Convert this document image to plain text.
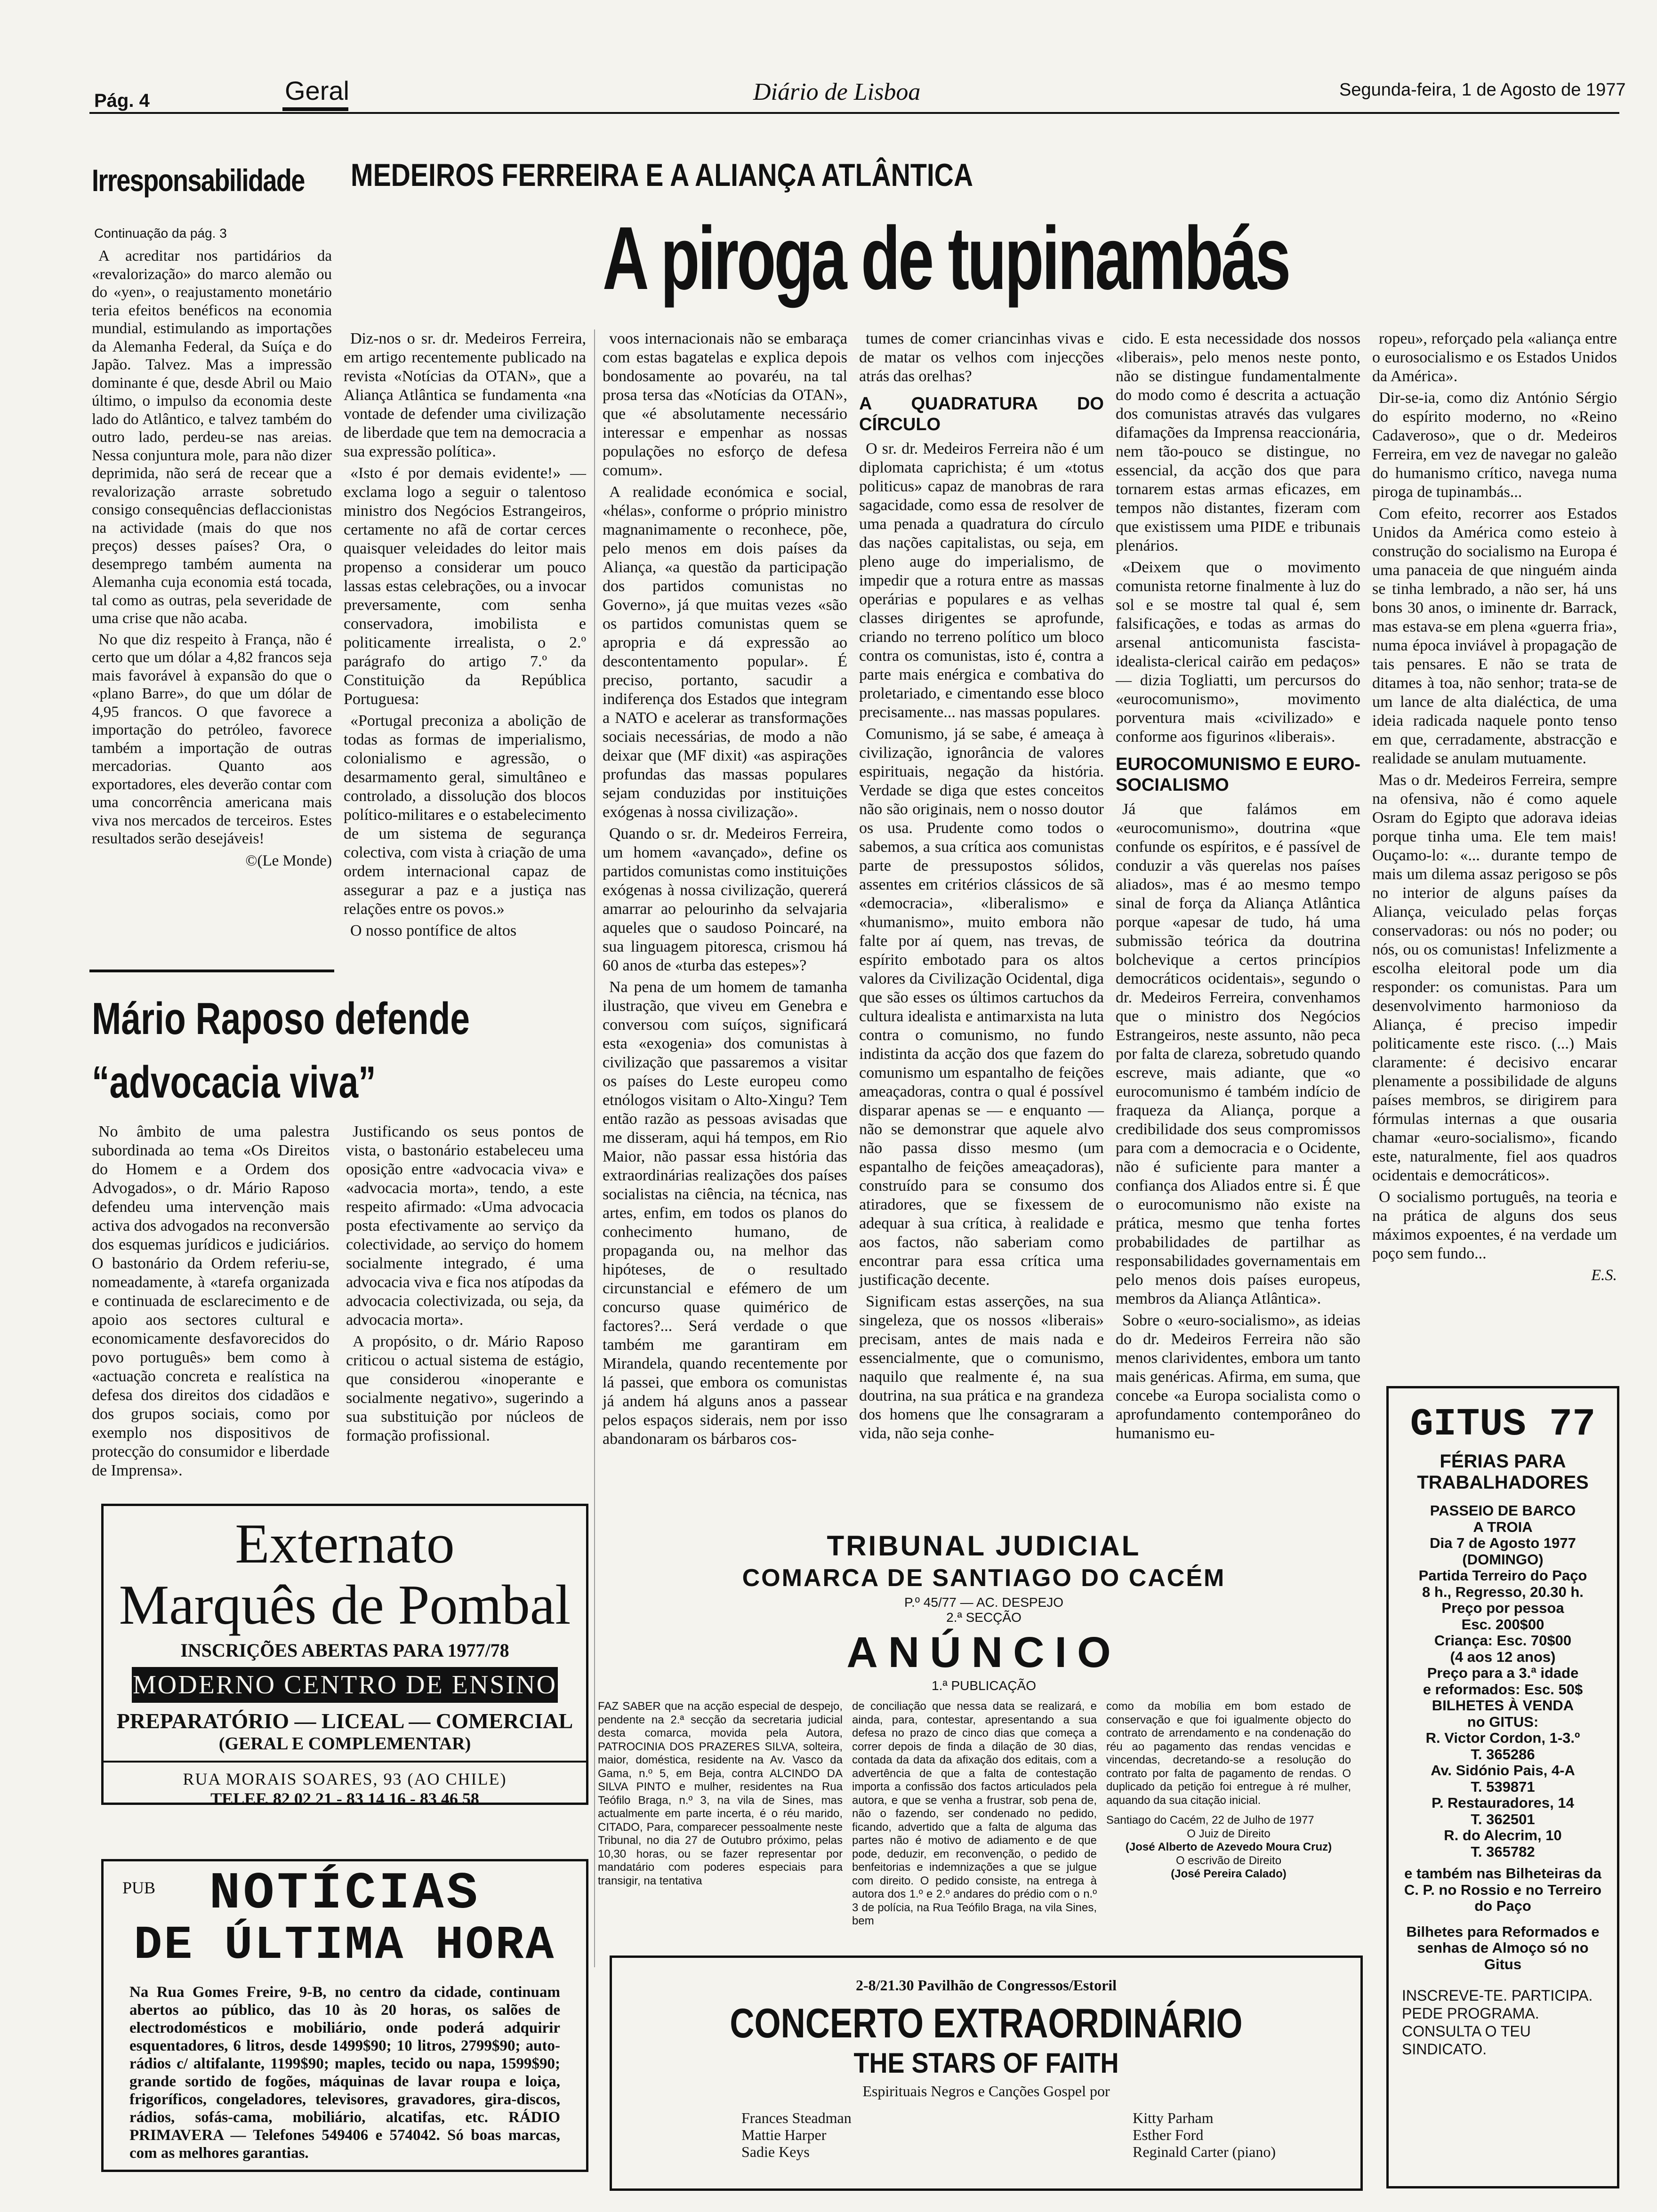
Pág. 4	Geral	Diário de Lisboa	Segunda-feira, 1 de Agosto de 1977
Irresponsabilidade
Continuação da pág. 3

A acreditar nos partidários da «revalorização» do marco alemão ou do «yen», o reajustamento monetário teria efeitos benéficos na economia mundial, estimulando as importações da Alemanha Federal, da Suíça e do Japão. Talvez. Mas a impressão dominante é que, desde Abril ou Maio último, o impulso da economia deste lado do Atlântico, e talvez também do outro lado, perdeu-se nas areias. Nessa conjuntura mole, para não dizer deprimida, não será de recear que a revalorização arraste sobretudo consigo consequências deflaccionistas na actividade (mais do que nos preços) desses países? Ora, o desemprego também aumenta na Alemanha cuja economia está tocada, tal como as outras, pela severidade de uma crise que não acaba.

No que diz respeito à França, não é certo que um dólar a 4,82 francos seja mais favorável à expansão do que o «plano Barre», do que um dólar de 4,95 francos. O que favorece a importação do petróleo, favorece também a importação de outras mercadorias. Quanto aos exportadores, eles deverão contar com uma concorrência americana mais viva nos mercados de terceiros. Estes resultados serão desejáveis!

©(Le Monde)
MEDEIROS FERREIRA E A ALIANÇA ATLÂNTICA
A piroga de tupinambás

Diz-nos o sr. dr. Medeiros Ferreira, em artigo recentemente publicado na revista «Notícias da OTAN», que a Aliança Atlântica se fundamenta «na vontade de defender uma civilização de liberdade que tem na democracia a sua expressão política».

«Isto é por demais evidente!» — exclama logo a seguir o talentoso ministro dos Negócios Estrangeiros, certamente no afã de cortar cerces quaisquer veleidades do leitor mais propenso a considerar um pouco lassas estas celebrações, ou a invocar preversamente, com senha conservadora, imobilista e politicamente irrealista, o 2.º parágrafo do artigo 7.º da Constituição da República Portuguesa:

«Portugal preconiza a abolição de todas as formas de imperialismo, colonialismo e agressão, o desarmamento geral, simultâneo e controlado, a dissolução dos blocos político-militares e o estabelecimento de um sistema de segurança colectiva, com vista à criação de uma ordem internacional capaz de assegurar a paz e a justiça nas relações entre os povos.»

O nosso pontífice de altos

voos internacionais não se embaraça com estas bagatelas e explica depois bondosamente ao povaréu, na tal prosa tersa das «Notícias da OTAN», que «é absolutamente necessário interessar e empenhar as nossas populações no esforço de defesa comum».

A realidade económica e social, «hélas», conforme o próprio ministro magnanimamente o reconhece, põe, pelo menos em dois países da Aliança, «a questão da participação dos partidos comunistas no Governo», já que muitas vezes «são os partidos comunistas quem se apropria e dá expressão ao descontentamento popular». É preciso, portanto, sacudir a indiferença dos Estados que integram a NATO e acelerar as transformações sociais necessárias, de modo a não deixar que (MF dixit) «as aspirações profundas das massas populares sejam conduzidas por instituições exógenas à nossa civilização».

Quando o sr. dr. Medeiros Ferreira, um homem «avançado», define os partidos comunistas como instituições exógenas à nossa civilização, quererá amarrar ao pelourinho da selvajaria aqueles que o saudoso Poincaré, na sua linguagem pitoresca, crismou há 60 anos de «turba das estepes»?

Na pena de um homem de tamanha ilustração, que viveu em Genebra e conversou com suíços, significará esta «exogenia» dos comunistas à civilização que passaremos a visitar os países do Leste europeu como etnólogos visitam o Alto-Xingu? Tem então razão as pessoas avisadas que me disseram, aqui há tempos, em Rio Maior, não passar essa história das extraordinárias realizações dos países socialistas na ciência, na técnica, nas artes, enfim, em todos os planos do conhecimento humano, de propaganda ou, na melhor das hipóteses, de o resultado circunstancial e efémero de um concurso quase quimérico de factores?... Será verdade o que também me garantiram em Mirandela, quando recentemente por lá passei, que embora os comunistas já andem há alguns anos a passear pelos espaços siderais, nem por isso abandonaram os bárbaros cos-

tumes de comer criancinhas vivas e de matar os velhos com injecções atrás das orelhas?

A QUADRATURA DO CÍRCULO

O sr. dr. Medeiros Ferreira não é um diplomata caprichista; é um «totus politicus» capaz de manobras de rara sagacidade, como essa de resolver de uma penada a quadratura do círculo das nações capitalistas, ou seja, em pleno auge do imperialismo, de impedir que a rotura entre as massas operárias e populares e as velhas classes dirigentes se aprofunde, criando no terreno político um bloco contra os comunistas, isto é, contra a parte mais enérgica e combativa do proletariado, e cimentando esse bloco precisamente... nas massas populares.

Comunismo, já se sabe, é ameaça à civilização, ignorância de valores espirituais, negação da história. Verdade se diga que estes conceitos não são originais, nem o nosso doutor os usa. Prudente como todos o sabemos, a sua crítica aos comunistas parte de pressupostos sólidos, assentes em critérios clássicos de sã «democracia», «liberalismo» e «humanismo», muito embora não falte por aí quem, nas trevas, de espírito embotado para os altos valores da Civilização Ocidental, diga que são esses os últimos cartuchos da cultura idealista e antimarxista na luta contra o comunismo, no fundo indistinta da acção dos que fazem do comunismo um espantalho de feições ameaçadoras, contra o qual é possível disparar apenas se — e enquanto — não se demonstrar que aquele alvo não passa disso mesmo (um espantalho de feições ameaçadoras), construído para se consumo dos atiradores, que se fixessem de adequar à sua crítica, à realidade e aos factos, não saberiam como encontrar para essa crítica uma justificação decente.

Significam estas asserções, na sua singeleza, que os nossos «liberais» precisam, antes de mais nada e essencialmente, que o comunismo, naquilo que realmente é, na sua doutrina, na sua prática e na grandeza dos homens que lhe consagraram a vida, não seja conhe-

cido. E esta necessidade dos nossos «liberais», pelo menos neste ponto, não se distingue fundamentalmente do modo como é descrita a actuação dos comunistas através das vulgares difamações da Imprensa reaccionária, nem tão-pouco se distingue, no essencial, da acção dos que para tornarem estas armas eficazes, em tempos não distantes, fizeram com que existissem uma PIDE e tribunais plenários.

«Deixem que o movimento comunista retorne finalmente à luz do sol e se mostre tal qual é, sem falsificações, e todas as armas do arsenal anticomunista fascista-idealista-clerical cairão em pedaços» — dizia Togliatti, um percursos do «eurocomunismo», movimento porventura mais «civilizado» e conforme aos figurinos «liberais».

EUROCOMUNISMO E EURO-SOCIALISMO

Já que falámos em «eurocomunismo», doutrina «que confunde os espíritos, e é passível de conduzir a vãs querelas nos países aliados», mas é ao mesmo tempo sinal de força da Aliança Atlântica porque «apesar de tudo, há uma submissão teórica da doutrina bolchevique a certos princípios democráticos ocidentais», segundo o dr. Medeiros Ferreira, convenhamos que o ministro dos Negócios Estrangeiros, neste assunto, não peca por falta de clareza, sobretudo quando escreve, mais adiante, que «o eurocomunismo é também indício de fraqueza da Aliança, porque a credibilidade dos seus compromissos para com a democracia e o Ocidente, não é suficiente para manter a confiança dos Aliados entre si. É que o eurocomunismo não existe na prática, mesmo que tenha fortes probabilidades de partilhar as responsabilidades governamentais em pelo menos dois países europeus, membros da Aliança Atlântica».

Sobre o «euro-socialismo», as ideias do dr. Medeiros Ferreira não são menos clarividentes, embora um tanto mais genéricas. Afirma, em suma, que concebe «a Europa socialista como o aprofundamento contemporâneo do humanismo eu-

ropeu», reforçado pela «aliança entre o eurosocialismo e os Estados Unidos da América».

Dir-se-ia, como diz António Sérgio do espírito moderno, no «Reino Cadaveroso», que o dr. Medeiros Ferreira, em vez de navegar no galeão do humanismo crítico, navega numa piroga de tupinambás...

Com efeito, recorrer aos Estados Unidos da América como esteio à construção do socialismo na Europa é uma panaceia de que ninguém ainda se tinha lembrado, a não ser, há uns bons 30 anos, o iminente dr. Barrack, mas estava-se em plena «guerra fria», numa época inviável à propagação de tais pensares. E não se trata de ditames à toa, não senhor; trata-se de um lance de alta dialéctica, de uma ideia radicada naquele ponto tenso em que, cerradamente, abstracção e realidade se anulam mutuamente.

Mas o dr. Medeiros Ferreira, sempre na ofensiva, não é como aquele Osram do Egipto que adorava ideias porque tinha uma. Ele tem mais! Ouçamo-lo: «... durante tempo de mais um dilema assaz perigoso se pôs no interior de alguns países da Aliança, veiculado pelas forças conservadoras: ou nós no poder; ou nós, ou os comunistas! Infelizmente a escolha eleitoral pode um dia responder: os comunistas. Para um desenvolvimento harmonioso da Aliança, é preciso impedir politicamente este risco. (...) Mais claramente: é decisivo encarar plenamente a possibilidade de alguns países membros, se dirigirem para fórmulas internas a que ousaria chamar «euro-socialismo», ficando este, naturalmente, fiel aos quadros ocidentais e democráticos».

O socialismo português, na teoria e na prática de alguns dos seus máximos expoentes, é na verdade um poço sem fundo...

E.S.
Mário Raposo defende
“advocacia viva”

No âmbito de uma palestra subordinada ao tema «Os Direitos do Homem e a Ordem dos Advogados», o dr. Mário Raposo defendeu uma intervenção mais activa dos advogados na reconversão dos esquemas jurídicos e judiciários. O bastonário da Ordem referiu-se, nomeadamente, à «tarefa organizada e continuada de esclarecimento e de apoio aos sectores cultural e economicamente desfavorecidos do povo português» bem como à «actuação concreta e realística na defesa dos direitos dos cidadãos e dos grupos sociais, como por exemplo nos dispositivos de protecção do consumidor e liberdade de Imprensa».

Justificando os seus pontos de vista, o bastonário estabeleceu uma oposição entre «advocacia viva» e «advocacia morta», tendo, a este respeito afirmado: «Uma advocacia posta efectivamente ao serviço da colectividade, ao serviço do homem socialmente integrado, é uma advocacia viva e fica nos atípodas da advocacia colectivizada, ou seja, da advocacia morta».

A propósito, o dr. Mário Raposo criticou o actual sistema de estágio, que considerou «inoperante e socialmente negativo», sugerindo a sua substituição por núcleos de formação profissional.

Externato
Marquês de Pombal
INSCRIÇÕES ABERTAS PARA 1977/78
MODERNO CENTRO DE ENSINO
PREPARATÓRIO — LICEAL — COMERCIAL
(GERAL E COMPLEMENTAR)
RUA MORAIS SOARES, 93 (AO CHILE)
TELEF. 82 02 21 - 83 14 16 - 83 46 58
PUB	NOTÍCIAS
DE ÚLTIMA HORA
Na Rua Gomes Freire, 9-B, no centro da cidade, continuam abertos ao público, das 10 às 20 horas, os salões de electrodomésticos e mobiliário, onde poderá adquirir esquentadores, 6 litros, desde 1499$90; 10 litros, 2799$90; auto-rádios c/ altifalante, 1199$90; maples, tecido ou napa, 1599$90; grande sortido de fogões, máquinas de lavar roupa e loiça, frigoríficos, congeladores, televisores, gravadores, gira-discos, rádios, sofás-cama, mobiliário, alcatifas, etc. RÁDIO PRIMAVERA — Telefones 549406 e 574042. Só boas marcas, com as melhores garantias.
TRIBUNAL JUDICIAL
COMARCA DE SANTIAGO DO CACÉM
P.º 45/77 — AC. DESPEJO
2.ª SECÇÃO
ANÚNCIO
1.ª PUBLICAÇÃO
FAZ SABER que na acção especial de despejo, pendente na 2.ª secção da secretaria judicial desta comarca, movida pela Autora, PATROCINIA DOS PRAZERES SILVA, solteira, maior, doméstica, residente na Av. Vasco da Gama, n.º 5, em Beja, contra ALCINDO DA SILVA PINTO e mulher, residentes na Rua Teófilo Braga, n.º 3, na vila de Sines, mas actualmente em parte incerta, é o réu marido, CITADO, Para, comparecer pessoalmente neste Tribunal, no dia 27 de Outubro próximo, pelas 10,30 horas, ou se fazer representar por mandatário com poderes especiais para transigir, na tentativa
de conciliação que nessa data se realizará, e ainda, para, contestar, apresentando a sua defesa no prazo de cinco dias que começa a correr depois de finda a dilação de 30 dias, contada da data da afixação dos editais, com a advertência de que a falta de contestação importa a confissão dos factos articulados pela autora, e que se venha a frustrar, sob pena de, não o fazendo, ser condenado no pedido, ficando, advertido que a falta de alguma das partes não é motivo de adiamento e de que pode, deduzir, em reconvenção, o pedido de benfeitorias e indemnizações a que se julgue com direito. O pedido consiste, na entrega à autora dos 1.º e 2.º andares do prédio com o n.º 3 de polícia, na Rua Teófilo Braga, na vila Sines, bem
como da mobília em bom estado de conservação e que foi igualmente objecto do contrato de arrendamento e na condenação do réu ao pagamento das rendas vencidas e vincendas, decretando-se a resolução do contrato por falta de pagamento de rendas. O duplicado da petição foi entregue à ré mulher, aquando da sua citação inicial.
Santiago do Cacém, 22 de Julho de 1977
O Juiz de Direito
(José Alberto de Azevedo Moura Cruz)
O escrivão de Direito
(José Pereira Calado)
2-8/21.30 Pavilhão de Congressos/Estoril
CONCERTO EXTRAORDINÁRIO
THE STARS OF FAITH
Espirituais Negros e Canções Gospel por
Frances Steadman
Mattie Harper
Sadie Keys
Kitty Parham
Esther Ford
Reginald Carter (piano)
GITUS 77
FÉRIAS PARA
TRABALHADORES
PASSEIO DE BARCO
A TROIA
Dia 7 de Agosto 1977
(DOMINGO)
Partida Terreiro do Paço
8 h., Regresso, 20.30 h.
Preço por pessoa
Esc. 200$00
Criança: Esc. 70$00
(4 aos 12 anos)
Preço para a 3.ª idade
e reformados: Esc. 50$
BILHETES À VENDA
no GITUS:
R. Victor Cordon, 1-3.º
T. 365286
Av. Sidónio Pais, 4-A
T. 539871
P. Restauradores, 14
T. 362501
R. do Alecrim, 10
T. 365782
e também nas Bilheteiras da C. P. no Rossio e no Terreiro do Paço
Bilhetes para Reformados e senhas de Almoço só no Gitus
INSCREVE-TE. PARTICIPA. PEDE PROGRAMA. CONSULTA O TEU SINDICATO.
